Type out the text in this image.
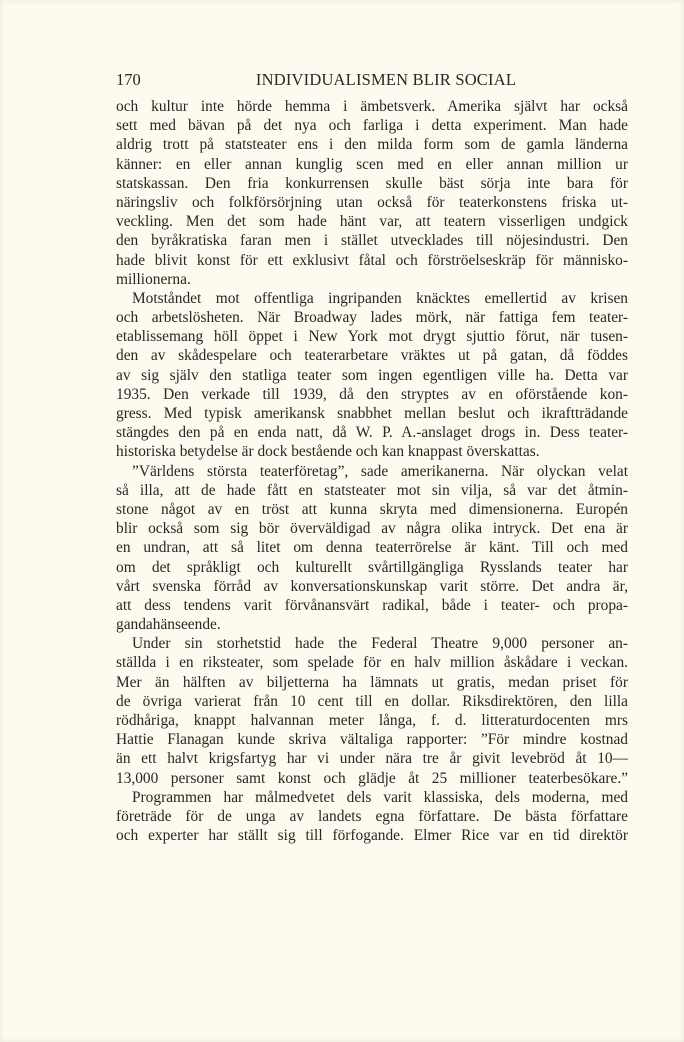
170	INDIVIDUALISMEN BLIR SOCIAL
och kultur inte hörde hemma i ämbetsverk. Amerika självt har också
sett med bävan på det nya och farliga i detta experiment. Man hade
aldrig trott på statsteater ens i den milda form som de gamla länderna
känner: en eller annan kunglig scen med en eller annan million ur
statskassan. Den fria konkurrensen skulle bäst sörja inte bara för
näringsliv och folkförsörjning utan också för teaterkonstens friska ut-
veckling. Men det som hade hänt var, att teatern visserligen undgick
den byråkratiska faran men i stället utvecklades till nöjesindustri. Den
hade blivit konst för ett exklusivt fåtal och förströelseskräp för människo-
millionerna.
Motståndet mot offentliga ingripanden knäcktes emellertid av krisen
och arbetslösheten. När Broadway lades mörk, när fattiga fem teater-
etablissemang höll öppet i New York mot drygt sjuttio förut, när tusen-
den av skådespelare och teaterarbetare vräktes ut på gatan, då föddes
av sig själv den statliga teater som ingen egentligen ville ha. Detta var
1935. Den verkade till 1939, då den stryptes av en oförstående kon-
gress. Med typisk amerikansk snabbhet mellan beslut och ikraftträdande
stängdes den på en enda natt, då W. P. A.-anslaget drogs in. Dess teater-
historiska betydelse är dock bestående och kan knappast överskattas.
”Världens största teaterföretag”, sade amerikanerna. När olyckan velat
så illa, att de hade fått en statsteater mot sin vilja, så var det åtmin-
stone något av en tröst att kunna skryta med dimensionerna. Europén
blir också som sig bör överväldigad av några olika intryck. Det ena är
en undran, att så litet om denna teaterrörelse är känt. Till och med
om det språkligt och kulturellt svårtillgängliga Rysslands teater har
vårt svenska förråd av konversationskunskap varit större. Det andra är,
att dess tendens varit förvånansvärt radikal, både i teater- och propa-
gandahänseende.
Under sin storhetstid hade the Federal Theatre 9,000 personer an-
ställda i en riksteater, som spelade för en halv million åskådare i veckan.
Mer än hälften av biljetterna ha lämnats ut gratis, medan priset för
de övriga varierat från 10 cent till en dollar. Riksdirektören, den lilla
rödhåriga, knappt halvannan meter långa, f. d. litteraturdocenten mrs
Hattie Flanagan kunde skriva vältaliga rapporter: ”För mindre kostnad
än ett halvt krigsfartyg har vi under nära tre år givit levebröd åt 10—
13,000 personer samt konst och glädje åt 25 millioner teaterbesökare.”
Programmen har målmedvetet dels varit klassiska, dels moderna, med
företräde för de unga av landets egna författare. De bästa författare
och experter har ställt sig till förfogande. Elmer Rice var en tid direktör
